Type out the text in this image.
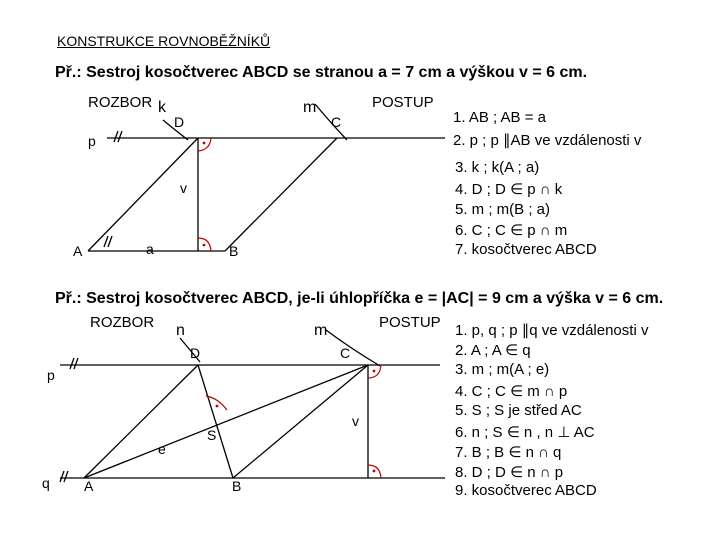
KONSTRUKCE ROVNOBĚŽNÍKŮ
Př.: Sestroj kosočtverec ABCD se stranou a = 7 cm a výškou v = 6 cm.
ROZBOR	POSTUP
k	m
D	C
p
v
A	a	B
1. AB ; AB = a
2. p ; p ∥AB ve vzdálenosti v
3. k ; k(A ; a)
4. D ; D ∈ p ∩ k
5. m ; m(B ; a)
6. C ; C ∈ p ∩ m
7. kosočtverec ABCD
Př.: Sestroj kosočtverec ABCD, je-li úhlopříčka e = |AC| = 9 cm a výška v = 6 cm.
ROZBOR	POSTUP
n	m
D	C
p
v
S
e
q A	B
1. p, q ; p ∥q ve vzdálenosti v
2. A ; A ∈ q
3. m ; m(A ; e)
4. C ; C ∈ m ∩ p
5. S ; S je střed AC
6. n ; S ∈ n , n ⊥ AC
7. B ; B ∈ n ∩ q
8. D ; D ∈ n ∩ p
9. kosočtverec ABCD
